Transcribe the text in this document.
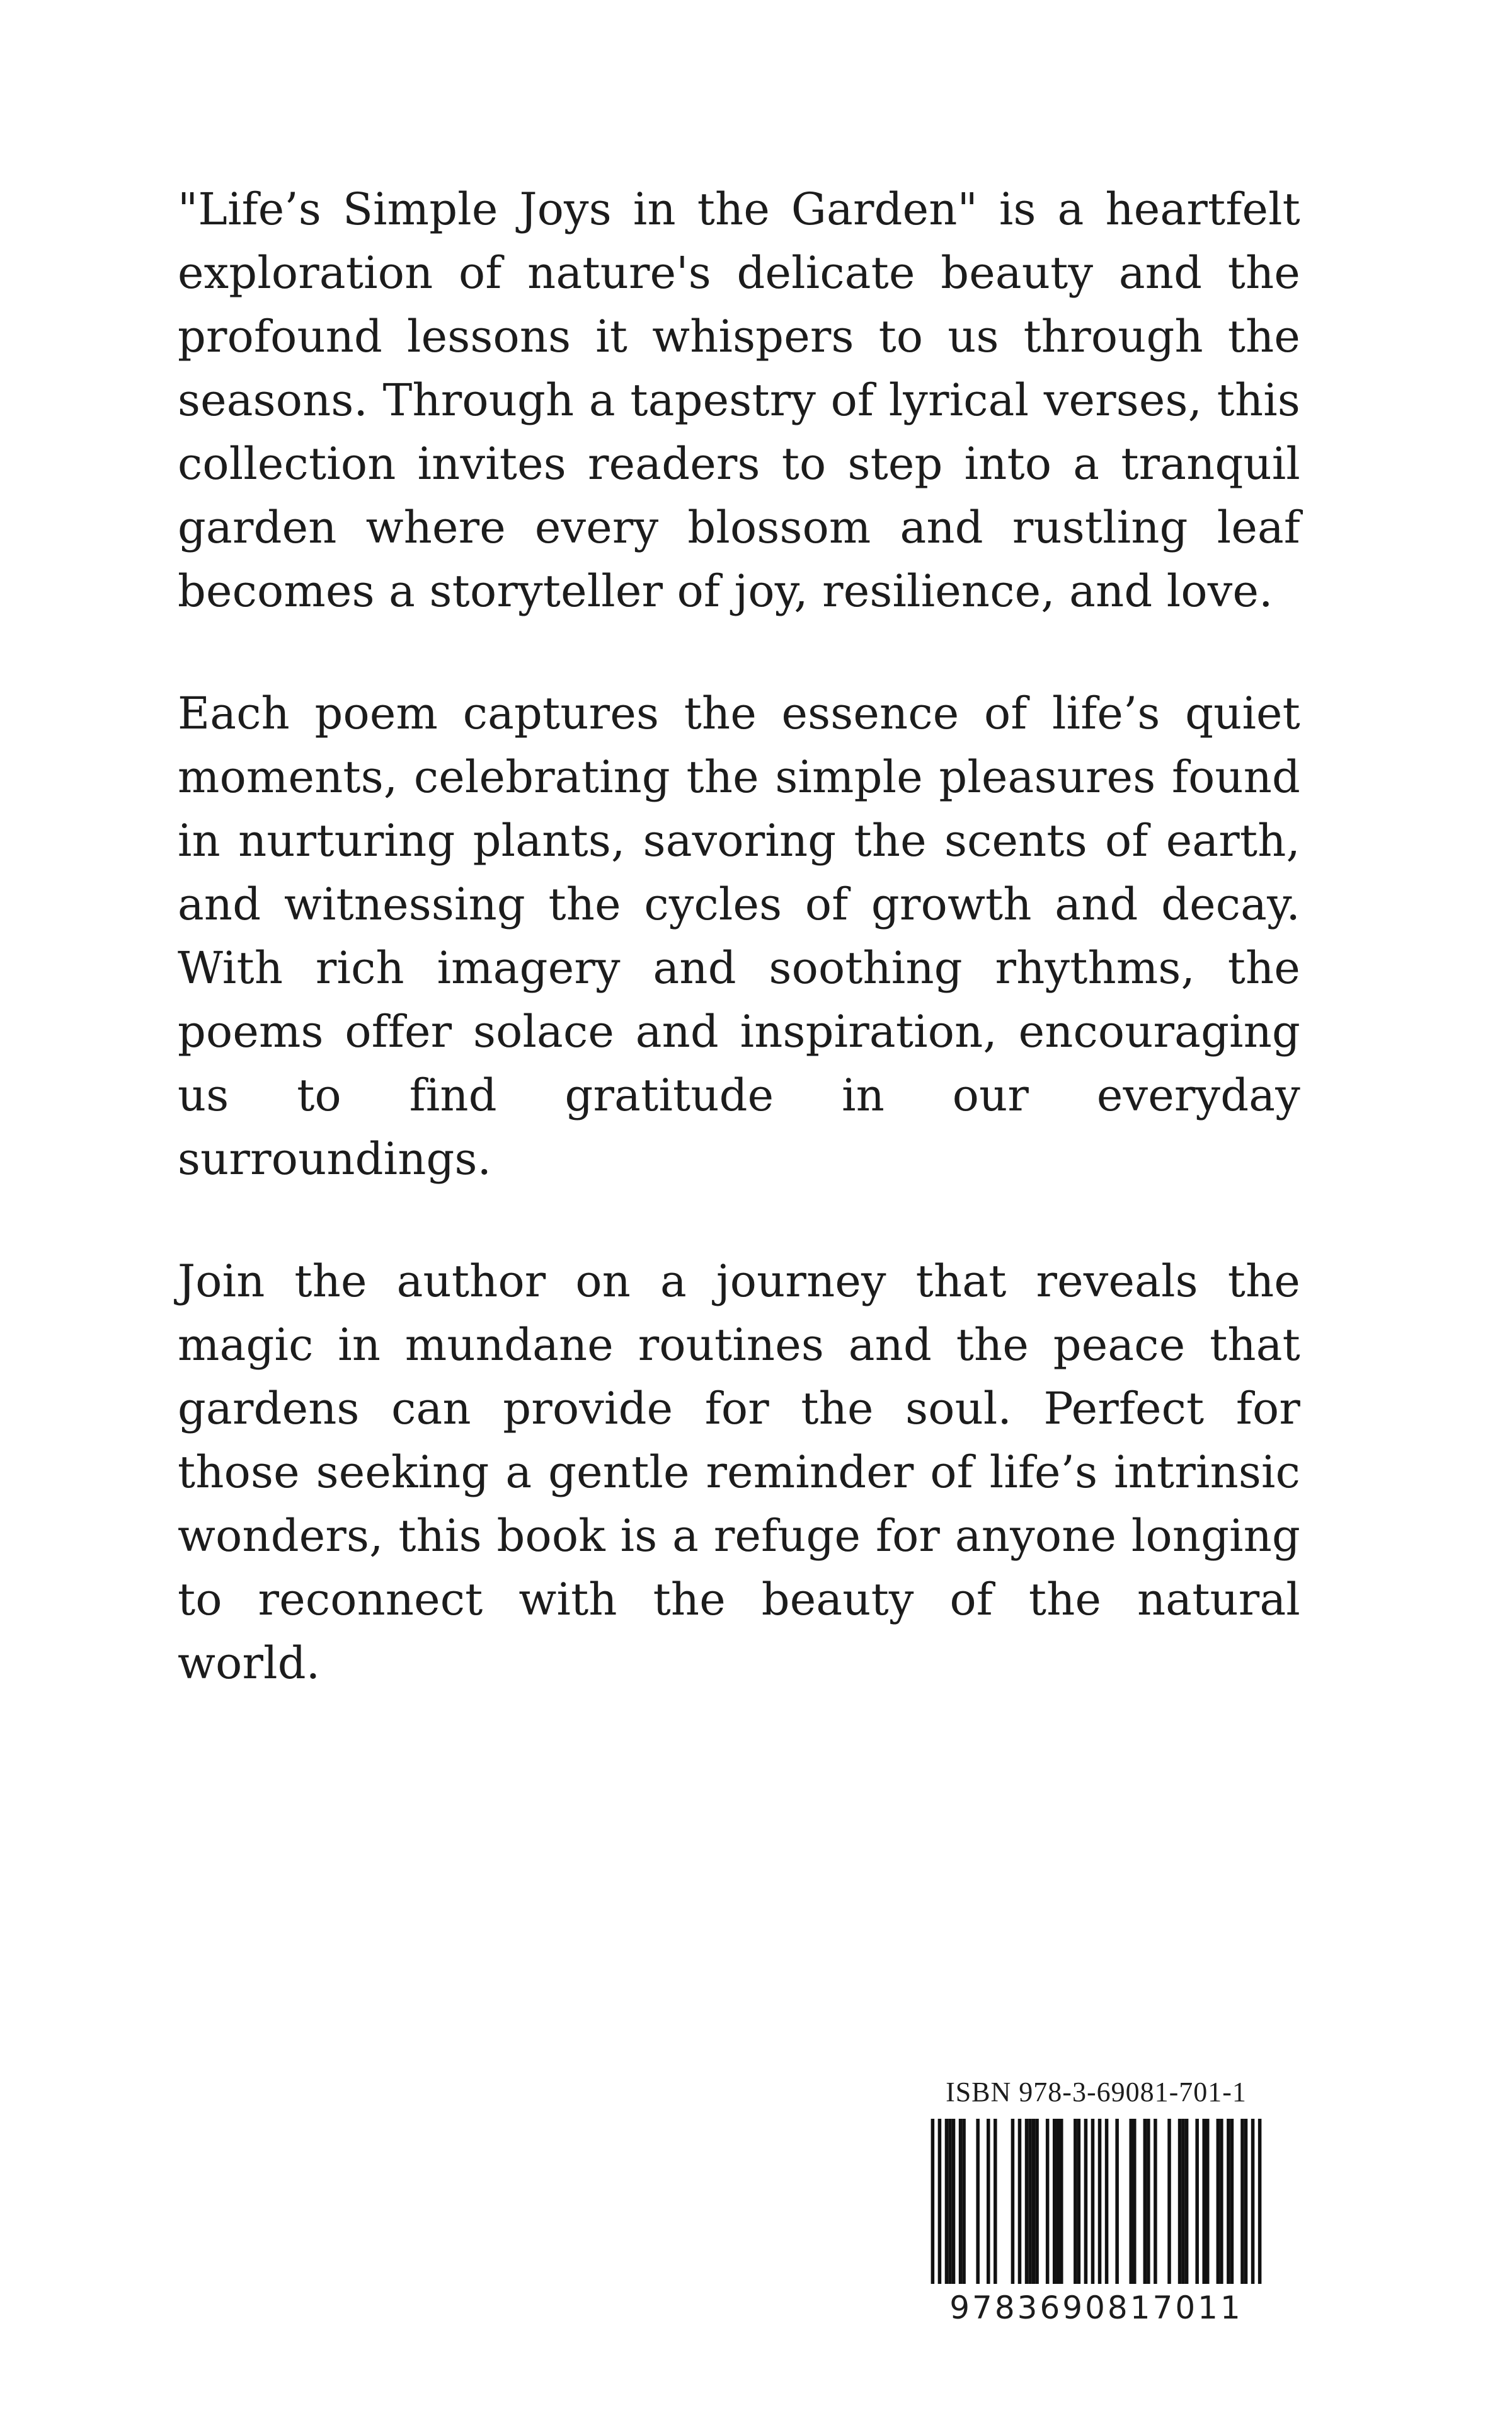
"Life’s Simple Joys in the Garden" is a heartfelt exploration of nature's delicate beauty and the profound lessons it whispers to us through the seasons. Through a tapestry of lyrical verses, this collection invites readers to step into a tranquil garden where every blossom and rustling leaf becomes a storyteller of joy, resilience, and love.

Each poem captures the essence of life’s quiet moments, celebrating the simple pleasures found in nurturing plants, savoring the scents of earth, and witnessing the cycles of growth and decay. With rich imagery and soothing rhythms, the poems offer solace and inspiration, encouraging us to find gratitude in our everyday surroundings.

Join the author on a journey that reveals the magic in mundane routines and the peace that gardens can provide for the soul. Perfect for those seeking a gentle reminder of life’s intrinsic wonders, this book is a refuge for anyone longing to reconnect with the beauty of the natural world.

ISBN 978-3-69081-701-1
9783690817011
